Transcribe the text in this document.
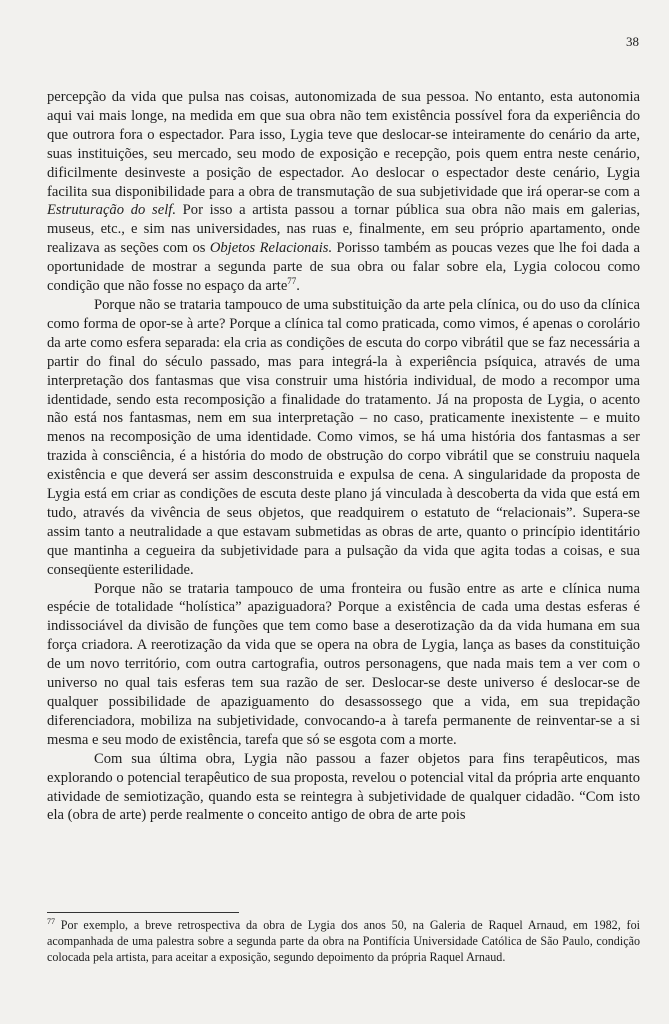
38

percepção da vida que pulsa nas coisas, autonomizada de sua pessoa. No entanto, esta autonomia aqui vai mais longe, na medida em que sua obra não tem existência possível fora da experiência do que outrora fora o espectador. Para isso, Lygia teve que deslocar-se inteiramente do cenário da arte, suas instituições, seu mercado, seu modo de exposição e recepção, pois quem entra neste cenário, dificilmente desinveste a posição de espectador. Ao deslocar o espectador deste cenário, Lygia facilita sua disponibilidade para a obra de transmutação de sua subjetividade que irá operar-se com a Estruturação do self. Por isso a artista passou a tornar pública sua obra não mais em galerias, museus, etc., e sim nas universidades, nas ruas e, finalmente, em seu próprio apartamento, onde realizava as seções com os Objetos Relacionais. Porisso também as poucas vezes que lhe foi dada a oportunidade de mostrar a segunda parte de sua obra ou falar sobre ela, Lygia colocou como condição que não fosse no espaço da arte$^{77}$.

Porque não se trataria tampouco de uma substituição da arte pela clínica, ou do uso da clínica como forma de opor-se à arte? Porque a clínica tal como praticada, como vimos, é apenas o corolário da arte como esfera separada: ela cria as condições de escuta do corpo vibrátil que se faz necessária a partir do final do século passado, mas para integrá-la à experiência psíquica, através de uma interpretação dos fantasmas que visa construir uma história individual, de modo a recompor uma identidade, sendo esta recomposição a finalidade do tratamento. Já na proposta de Lygia, o acento não está nos fantasmas, nem em sua interpretação – no caso, praticamente inexistente – e muito menos na recomposição de uma identidade. Como vimos, se há uma história dos fantasmas a ser trazida à consciência, é a história do modo de obstrução do corpo vibrátil que se construiu naquela existência e que deverá ser assim desconstruida e expulsa de cena. A singularidade da proposta de Lygia está em criar as condições de escuta deste plano já vinculada à descoberta da vida que está em tudo, através da vivência de seus objetos, que readquirem o estatuto de “relacionais”. Supera-se assim tanto a neutralidade a que estavam submetidas as obras de arte, quanto o princípio identitário que mantinha a cegueira da subjetividade para a pulsação da vida que agita todas a coisas, e sua conseqüente esterilidade.

Porque não se trataria tampouco de uma fronteira ou fusão entre as arte e clínica numa espécie de totalidade “holística” apaziguadora? Porque a existência de cada uma destas esferas é indissociável da divisão de funções que tem como base a deserotização da da vida humana em sua força criadora. A reerotização da vida que se opera na obra de Lygia, lança as bases da constituição de um novo território, com outra cartografia, outros personagens, que nada mais tem a ver com o universo no qual tais esferas tem sua razão de ser. Deslocar-se deste universo é deslocar-se de qualquer possibilidade de apaziguamento do desassossego que a vida, em sua trepidação diferenciadora, mobiliza na subjetividade, convocando-a à tarefa permanente de reinventar-se a si mesma e seu modo de existência, tarefa que só se esgota com a morte.

Com sua última obra, Lygia não passou a fazer objetos para fins terapêuticos, mas explorando o potencial terapêutico de sua proposta, revelou o potencial vital da própria arte enquanto atividade de semiotização, quando esta se reintegra à subjetividade de qualquer cidadão. “Com isto ela (obra de arte) perde realmente o conceito antigo de obra de arte pois

$^{77}$ Por exemplo, a breve retrospectiva da obra de Lygia dos anos 50, na Galeria de Raquel Arnaud, em 1982, foi acompanhada de uma palestra sobre a segunda parte da obra na Pontifícia Universidade Católica de São Paulo, condição colocada pela artista, para aceitar a exposição, segundo depoimento da própria Raquel Arnaud.
